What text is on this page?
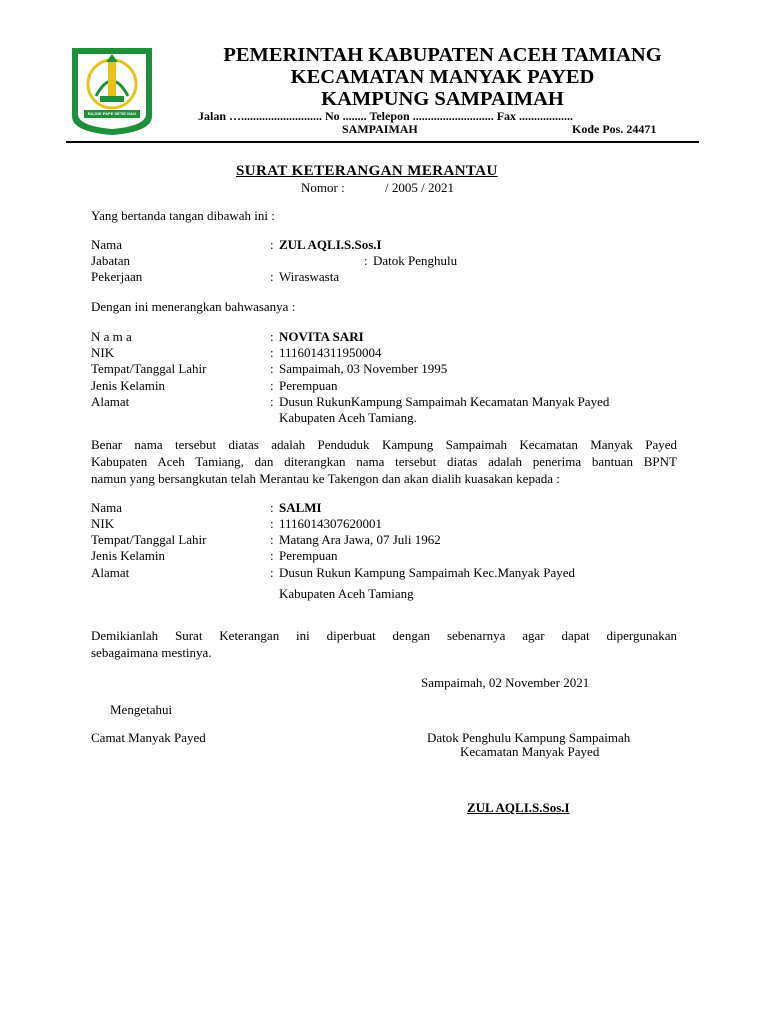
RAJOE PAPE SETIE NAO
PEMERINTAH KABUPATEN ACEH TAMIANG
KECAMATAN MANYAK PAYED
KAMPUNG SAMPAIMAH
Jalan …........................... No ........ Telepon ........................... Fax ..................
SAMPAIMAH	Kode Pos. 24471
SURAT KETERANGAN MERANTAU
Nomor :	/ 2005 / 2021
Yang bertanda tangan dibawah ini :
Nama	: ZUL AQLI.S.Sos.I
Jabatan	: Datok Penghulu
Pekerjaan	: Wiraswasta
Dengan ini menerangkan bahwasanya :
N a m a	: NOVITA SARI
NIK	: 1116014311950004
Tempat/Tanggal Lahir	: Sampaimah, 03 November 1995
Jenis Kelamin	: Perempuan
Alamat	: Dusun RukunKampung Sampaimah Kecamatan Manyak Payed
Kabupaten Aceh Tamiang.
Benar nama tersebut diatas adalah Penduduk Kampung Sampaimah Kecamatan Manyak Payed
Kabupaten Aceh Tamiang, dan diterangkan nama tersebut diatas adalah penerima bantuan BPNT
namun yang bersangkutan telah Merantau ke Takengon dan akan dialih kuasakan kepada :
Nama	: SALMI
NIK	: 1116014307620001
Tempat/Tanggal Lahir	: Matang Ara Jawa, 07 Juli 1962
Jenis Kelamin	: Perempuan
Alamat	: Dusun Rukun Kampung Sampaimah Kec.Manyak Payed
Kabupaten Aceh Tamiang
Demikianlah Surat Keterangan ini diperbuat dengan sebenarnya agar dapat dipergunakan
sebagaimana mestinya.
Sampaimah, 02 November 2021
Mengetahui
Camat Manyak Payed	Datok Penghulu Kampung Sampaimah
Kecamatan Manyak Payed
ZUL AQLI.S.Sos.I
